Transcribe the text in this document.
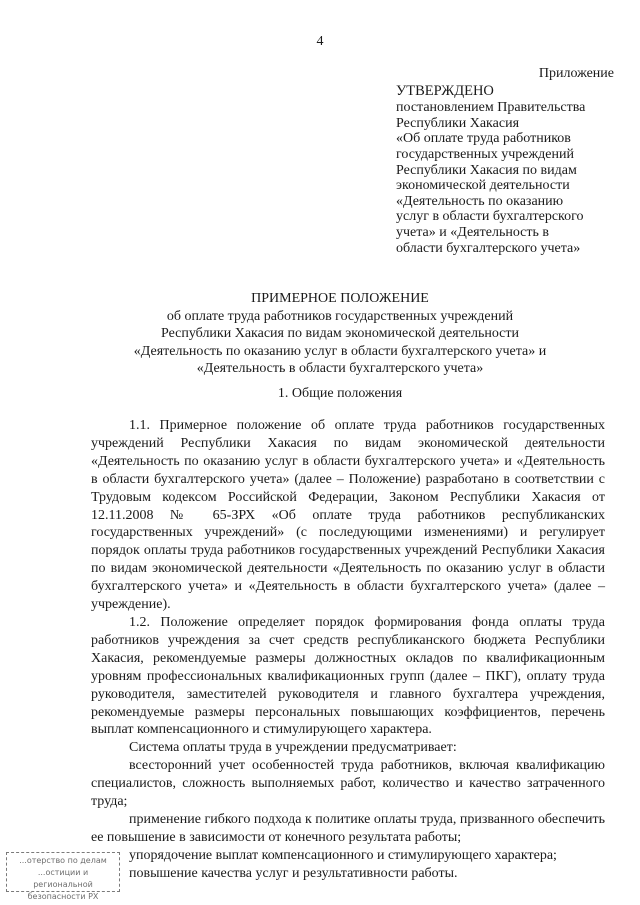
4
Приложение
УТВЕРЖДЕНО
постановлением Правительства
Республики Хакасия
«Об оплате труда работников
государственных учреждений
Республики Хакасия по видам
экономической деятельности
«Деятельность по оказанию
услуг в области бухгалтерского
учета» и «Деятельность в
области бухгалтерского учета»
ПРИМЕРНОЕ ПОЛОЖЕНИЕ
об оплате труда работников государственных учреждений
Республики Хакасия по видам экономической деятельности
«Деятельность по оказанию услуг в области бухгалтерского учета» и
«Деятельность в области бухгалтерского учета»
1. Общие положения

1.1. Примерное положение об оплате труда работников государственных учреждений Республики Хакасия по видам экономической деятельности «Деятельность по оказанию услуг в области бухгалтерского учета» и «Деятельность в области бухгалтерского учета» (далее – Положение) разработано в соответствии с Трудовым кодексом Российской Федерации, Законом Республики Хакасия от 12.11.2008 № 65-ЗРХ «Об оплате труда работников республиканских государственных учреждений» (с последующими изменениями) и регулирует порядок оплаты труда работников государственных учреждений Республики Хакасия по видам экономической деятельности «Деятельность по оказанию услуг в области бухгалтерского учета» и «Деятельность в области бухгалтерского учета» (далее – учреждение).

1.2. Положение определяет порядок формирования фонда оплаты труда работников учреждения за счет средств республиканского бюджета Республики Хакасия, рекомендуемые размеры должностных окладов по квалификационным уровням профессиональных квалификационных групп (далее – ПКГ), оплату труда руководителя, заместителей руководителя и главного бухгалтера учреждения, рекомендуемые размеры персональных повышающих коэффициентов, перечень выплат компенсационного и стимулирующего характера.

Система оплаты труда в учреждении предусматривает:

всесторонний учет особенностей труда работников, включая квалификацию специалистов, сложность выполняемых работ, количество и качество затраченного труда;

применение гибкого подхода к политике оплаты труда, призванного обеспечить ее повышение в зависимости от конечного результата работы;

упорядочение выплат компенсационного и стимулирующего характера;

повышение качества услуг и результативности работы.

...отерство по делам
...остиции и региональной
безопасности РХ
